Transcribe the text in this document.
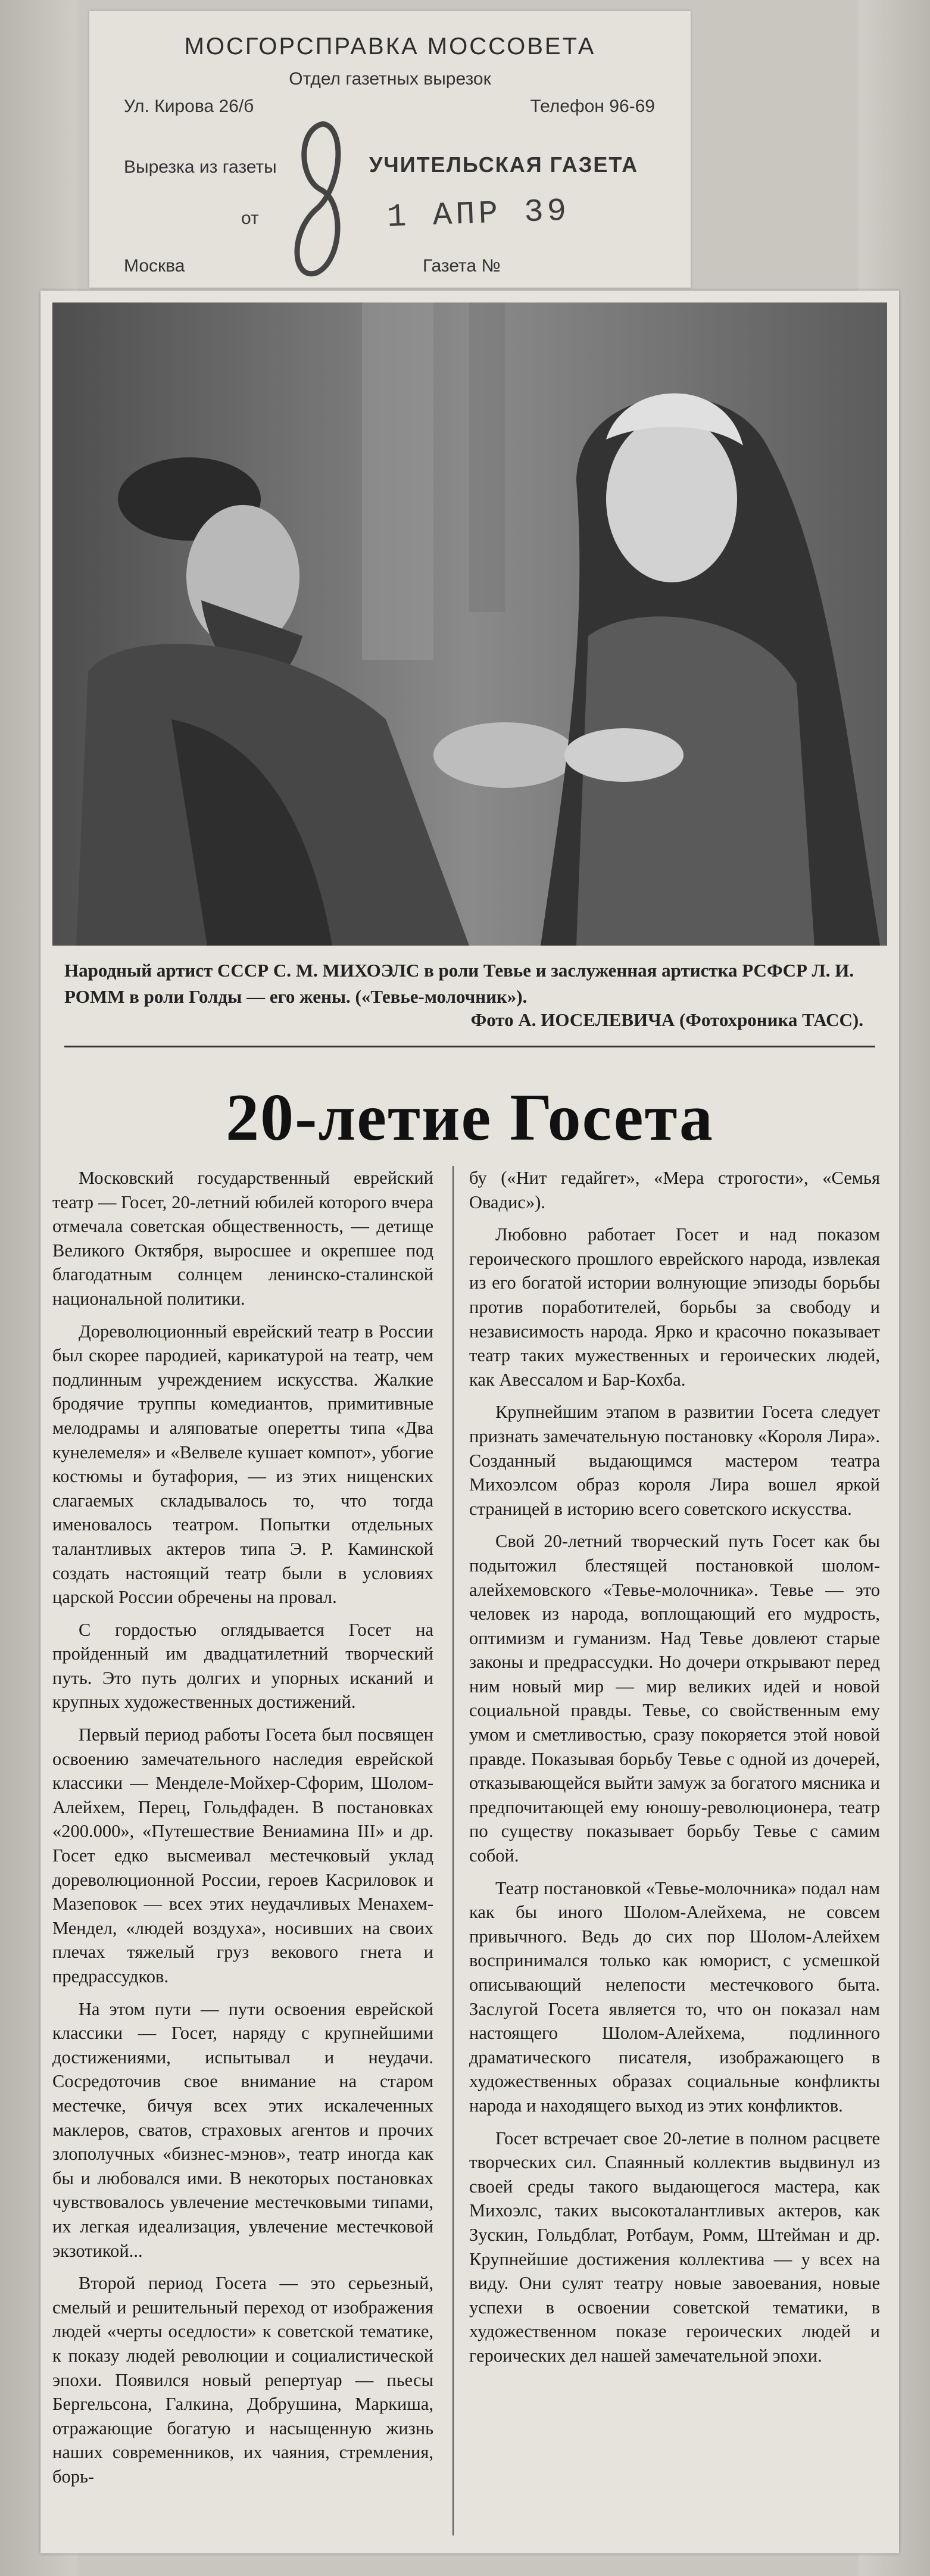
МОСГОРСПРАВКА МОССОВЕТА
Отдел газетных вырезок
Ул. Кирова 26/б	Телефон 96-69
Вырезка из газеты	УЧИТЕЛЬСКАЯ ГАЗЕТА
от	1 АПР 39
Москва	Газета №
Народный артист СССР С. М. МИХОЭЛС в роли Тевье и заслуженная артистка РСФСР Л. И. РОММ в роли Голды — его жены. («Тевье-молочник»).
Фото А. ИОСЕЛЕВИЧА (Фотохроника ТАСС).
20-летие Госета

Московский государственный еврейский театр — Госет, 20-летний юбилей которого вчера отмечала советская общественность, — детище Великого Октября, выросшее и окрепшее под благодатным солнцем ленинско-сталинской национальной политики.

Дореволюционный еврейский театр в России был скорее пародией, карикатурой на театр, чем подлинным учреждением искусства. Жалкие бродячие труппы комедиантов, примитивные мелодрамы и аляповатые оперетты типа «Два кунелемеля» и «Велвеле кушает компот», убогие костюмы и бутафория, — из этих нищенских слагаемых складывалось то, что тогда именовалось театром. Попытки отдельных талантливых актеров типа Э. Р. Каминской создать настоящий театр были в условиях царской России обречены на провал.

С гордостью оглядывается Госет на пройденный им двадцатилетний творческий путь. Это путь долгих и упорных исканий и крупных художественных достижений.

Первый период работы Госета был посвящен освоению замечательного наследия еврейской классики — Менделе-Мойхер-Сфорим, Шолом-Алейхем, Перец, Гольдфаден. В постановках «200.000», «Путешествие Вениамина III» и др. Госет едко высмеивал местечковый уклад дореволюционной России, героев Касриловок и Мазеповок — всех этих неудачливых Менахем-Мендел, «людей воздуха», носивших на своих плечах тяжелый груз векового гнета и предрассудков.

На этом пути — пути освоения еврейской классики — Госет, наряду с крупнейшими достижениями, испытывал и неудачи. Сосредоточив свое внимание на старом местечке, бичуя всех этих искалеченных маклеров, сватов, страховых агентов и прочих злополучных «бизнес-мэнов», театр иногда как бы и любовался ими. В некоторых постановках чувствовалось увлечение местечковыми типами, их легкая идеализация, увлечение местечковой экзотикой...

Второй период Госета — это серьезный, смелый и решительный переход от изображения людей «черты оседлости» к советской тематике, к показу людей революции и социалистической эпохи. Появился новый репертуар — пьесы Бергельсона, Галкина, Добрушина, Маркиша, отражающие богатую и насыщенную жизнь наших современников, их чаяния, стремления, борь-

бу («Нит гедайгет», «Мера строгости», «Семья Овадис»).

Любовно работает Госет и над показом героического прошлого еврейского народа, извлекая из его богатой истории волнующие эпизоды борьбы против поработителей, борьбы за свободу и независимость народа. Ярко и красочно показывает театр таких мужественных и героических людей, как Авессалом и Бар-Кохба.

Крупнейшим этапом в развитии Госета следует признать замечательную постановку «Короля Лира». Созданный выдающимся мастером театра Михоэлсом образ короля Лира вошел яркой страницей в историю всего советского искусства.

Свой 20-летний творческий путь Госет как бы подытожил блестящей постановкой шолом-алейхемовского «Тевье-молочника». Тевье — это человек из народа, воплощающий его мудрость, оптимизм и гуманизм. Над Тевье довлеют старые законы и предрассудки. Но дочери открывают перед ним новый мир — мир великих идей и новой социальной правды. Тевье, со свойственным ему умом и сметливостью, сразу покоряется этой новой правде. Показывая борьбу Тевье с одной из дочерей, отказывающейся выйти замуж за богатого мясника и предпочитающей ему юношу-революционера, театр по существу показывает борьбу Тевье с самим собой.

Театр постановкой «Тевье-молочника» подал нам как бы иного Шолом-Алейхема, не совсем привычного. Ведь до сих пор Шолом-Алейхем воспринимался только как юморист, с усмешкой описывающий нелепости местечкового быта. Заслугой Госета является то, что он показал нам настоящего Шолом-Алейхема, подлинного драматического писателя, изображающего в художественных образах социальные конфликты народа и находящего выход из этих конфликтов.

Госет встречает свое 20-летие в полном расцвете творческих сил. Спаянный коллектив выдвинул из своей среды такого выдающегося мастера, как Михоэлс, таких высокоталантливых актеров, как Зускин, Гольдблат, Ротбаум, Ромм, Штейман и др. Крупнейшие достижения коллектива — у всех на виду. Они сулят театру новые завоевания, новые успехи в освоении советской тематики, в художественном показе героических людей и героических дел нашей замечательной эпохи.
